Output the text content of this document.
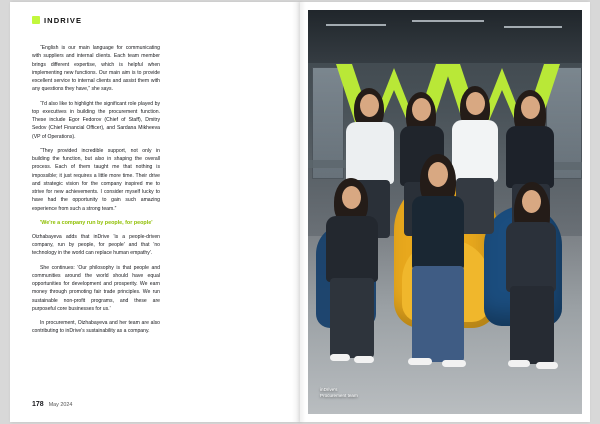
INDRIVE

“English is our main language for communicating with suppliers and internal clients. Each team member brings different expertise, which is helpful when implementing new functions. Our main aim is to provide excellent service to internal clients and assist them with any questions they have,” she says.

“I'd also like to highlight the significant role played by top executives in building the procurement function. These include Egor Fedorov (Chief of Staff), Dmitry Sedov (Chief Financial Officer), and Sardana Mikheeva (VP of Operations).

“They provided incredible support, not only in building the function, but also in shaping the overall process. Each of them taught me that nothing is impossible; it just requires a little more time. Their drive and strategic vision for the company inspired me to strive for new achievements. I consider myself lucky to have had the opportunity to gain such amazing experience from such a strong team.”

'We're a company run by people, for people'

Oizhabayeva adds that inDrive 'is a people-driven company, run by people, for people' and that 'no technology in the world can replace human empathy'.

She continues: 'Our philosophy is that people and communities around the world should have equal opportunities for development and prosperity. We earn money through promoting fair trade principles. We run sustainable non-profit programs, and these are purposeful core businesses for us.'

In procurement, Oizhabayeva and her team are also contributing to inDrive's sustainability as a company.

178 May 2024
inDrive's
Procurement team
